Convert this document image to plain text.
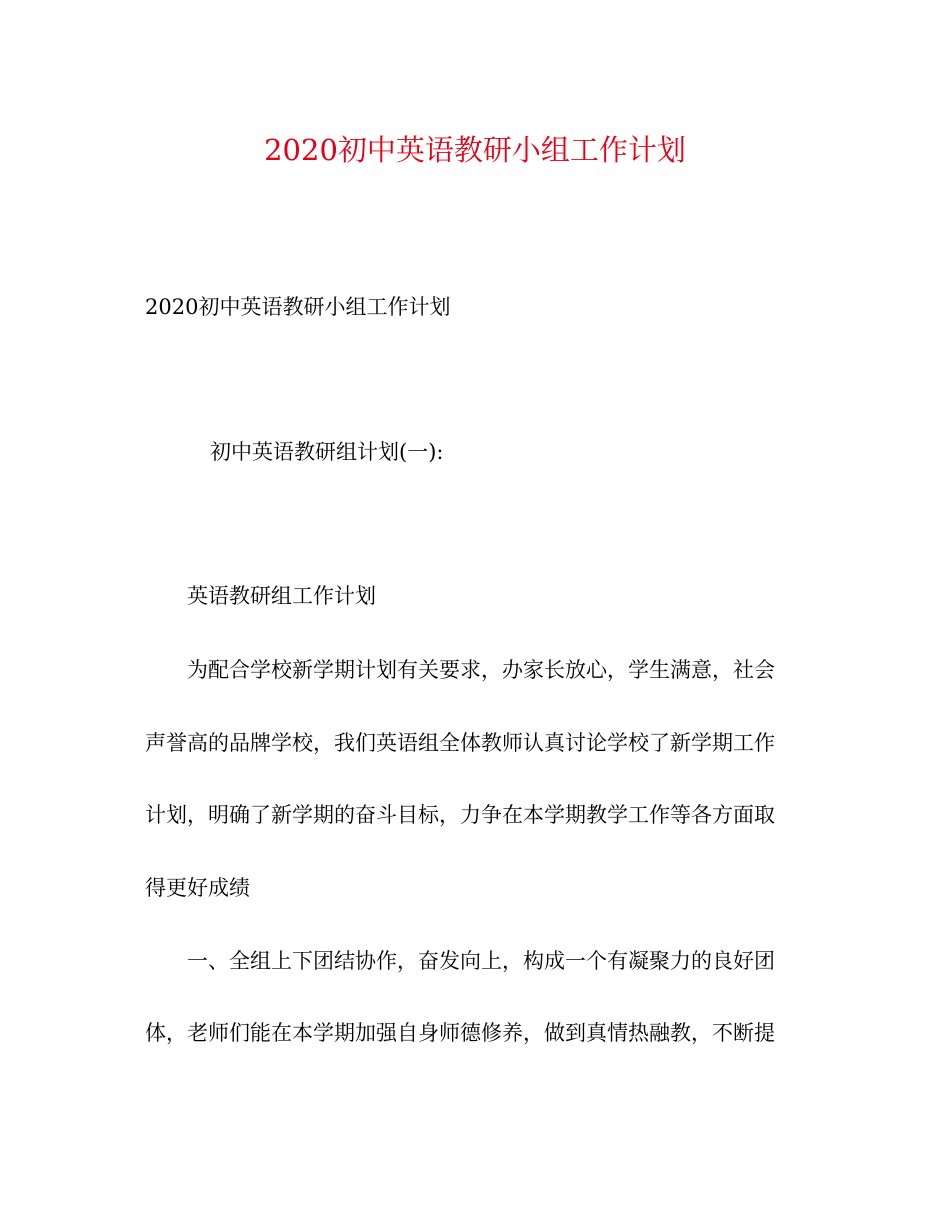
2020初中英语教研小组工作计划

2020初中英语教研小组工作计划

初中英语教研组计划(一):

英语教研组工作计划

为配合学校新学期计划有关要求，办家长放心，学生满意，社会

声誉高的品牌学校，我们英语组全体教师认真讨论学校了新学期工作

计划，明确了新学期的奋斗目标，力争在本学期教学工作等各方面取

得更好成绩

一、全组上下团结协作，奋发向上，构成一个有凝聚力的良好团

体，老师们能在本学期加强自身师德修养，做到真情热融教，不断提
